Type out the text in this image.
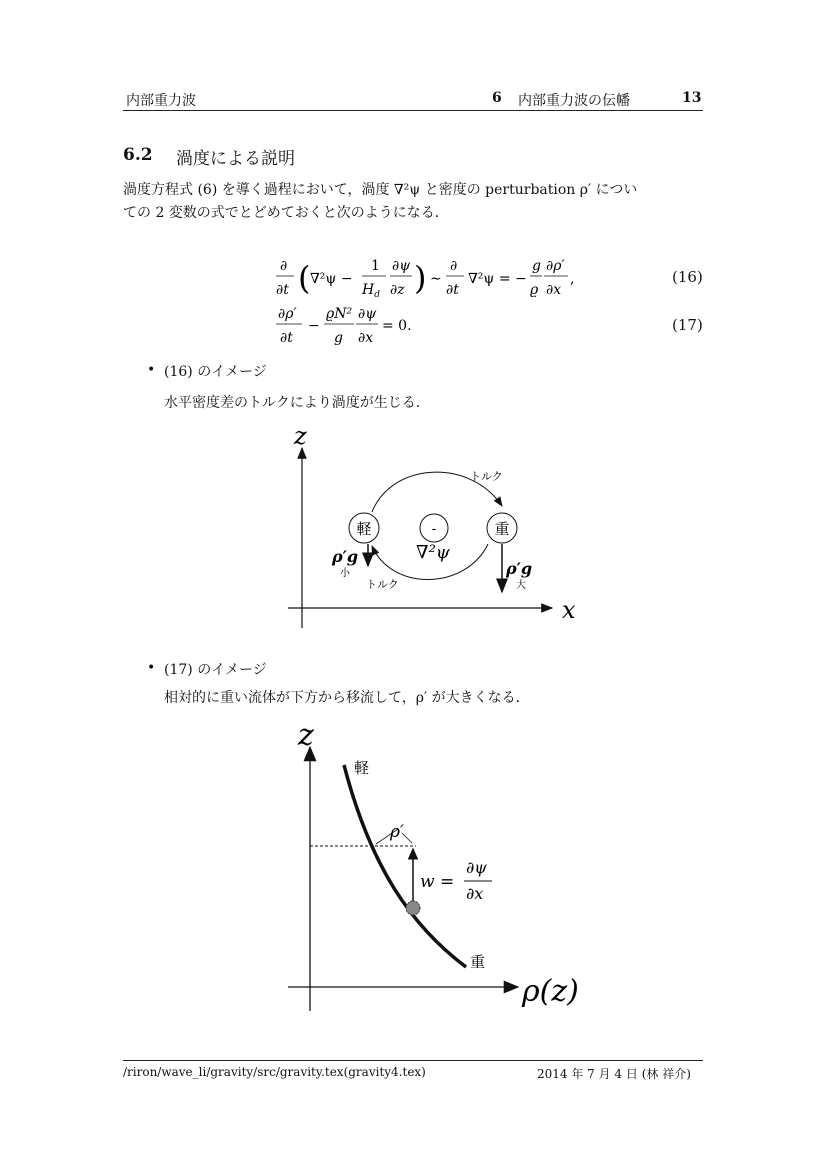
内部重力波	6 内部重力波の伝幡	13
6.2 渦度による説明
渦度方程式 (6) を導く過程において，渦度 ∇²ψ と密度の perturbation ρ′ につい
ての 2 変数の式でとどめておくと次のようになる．
∂
∂t ( ∇²ψ −
1
$H_d$
∂ψ
∂z ) ∼
∂
∂t
∇²ψ = −
g
ϱ
∂ρ′
∂x
,
∂ρ′
∂t
−
ϱN²
g
∂ψ
∂x
= 0.
(16)
(17)
• (16) のイメージ
水平密度差のトルクにより渦度が生じる．
z
x
トルク
トルク
軽	-	重
∇²ψ
ρ′g
小	ρ′g
大
• (17) のイメージ
相対的に重い流体が下方から移流して，ρ′ が大きくなる．
z
ρ(z)
軽
重
ρ′
w =
∂ψ
∂x
/riron/wave_li/gravity/src/gravity.tex(gravity4.tex)	2014 年 7 月 4 日 (林 祥介)
